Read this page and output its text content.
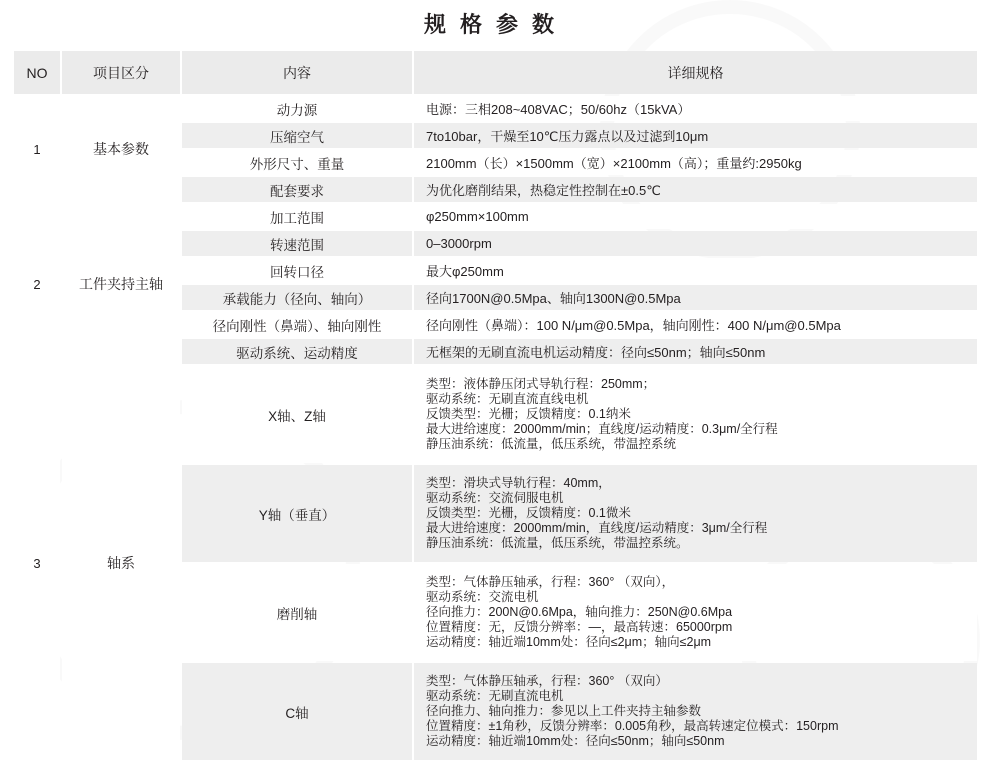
规格参数
NO	项目区分	内容	详细规格
1	基本参数	动力源	电源：三相208~408VAC；50/60hz（15kVA）
		压缩空气	7to10bar，干燥至10℃压力露点以及过滤到10μm
		外形尺寸、重量	2100mm（长）×1500mm（宽）×2100mm（高）；重量约:2950kg
		配套要求	为优化磨削结果，热稳定性控制在±0.5℃
2	工件夹持主轴	加工范围	φ250mm×100mm
		转速范围	0–3000rpm
		回转口径	最大φ250mm
		承载能力（径向、轴向）	径向1700N@0.5Mpa、轴向1300N@0.5Mpa
		径向刚性（鼻端）、轴向刚性	径向刚性（鼻端）：100 N/μm@0.5Mpa，轴向刚性：400 N/μm@0.5Mpa
		驱动系统、运动精度	无框架的无刷直流电机运动精度：径向≤50nm；轴向≤50nm
3	轴系	X轴、Z轴	类型：液体静压闭式导轨行程：250mm；
驱动系统：无刷直流直线电机
反馈类型：光栅；反馈精度：0.1纳米
最大进给速度：2000mm/min；直线度/运动精度：0.3μm/全行程
静压油系统：低流量，低压系统，带温控系统

		Y轴（垂直）	类型：滑块式导轨行程：40mm，
驱动系统：交流伺服电机
反馈类型：光栅，反馈精度：0.1微米
最大进给速度：2000mm/min，直线度/运动精度：3μm/全行程
静压油系统：低流量，低压系统，带温控系统。

		磨削轴	类型：气体静压轴承，行程：360° （双向），
驱动系统：交流电机
径向推力：200N@0.6Mpa，轴向推力：250N@0.6Mpa
位置精度：无，反馈分辨率：—，最高转速：65000rpm
运动精度：轴近端10mm处：径向≤2μm；轴向≤2μm

		C轴	类型：气体静压轴承，行程：360° （双向）
驱动系统：无刷直流电机
径向推力、轴向推力：参见以上工件夹持主轴参数
位置精度：±1角秒，反馈分辨率：0.005角秒，最高转速定位模式：150rpm
运动精度：轴近端10mm处：径向≤50nm；轴向≤50nm
